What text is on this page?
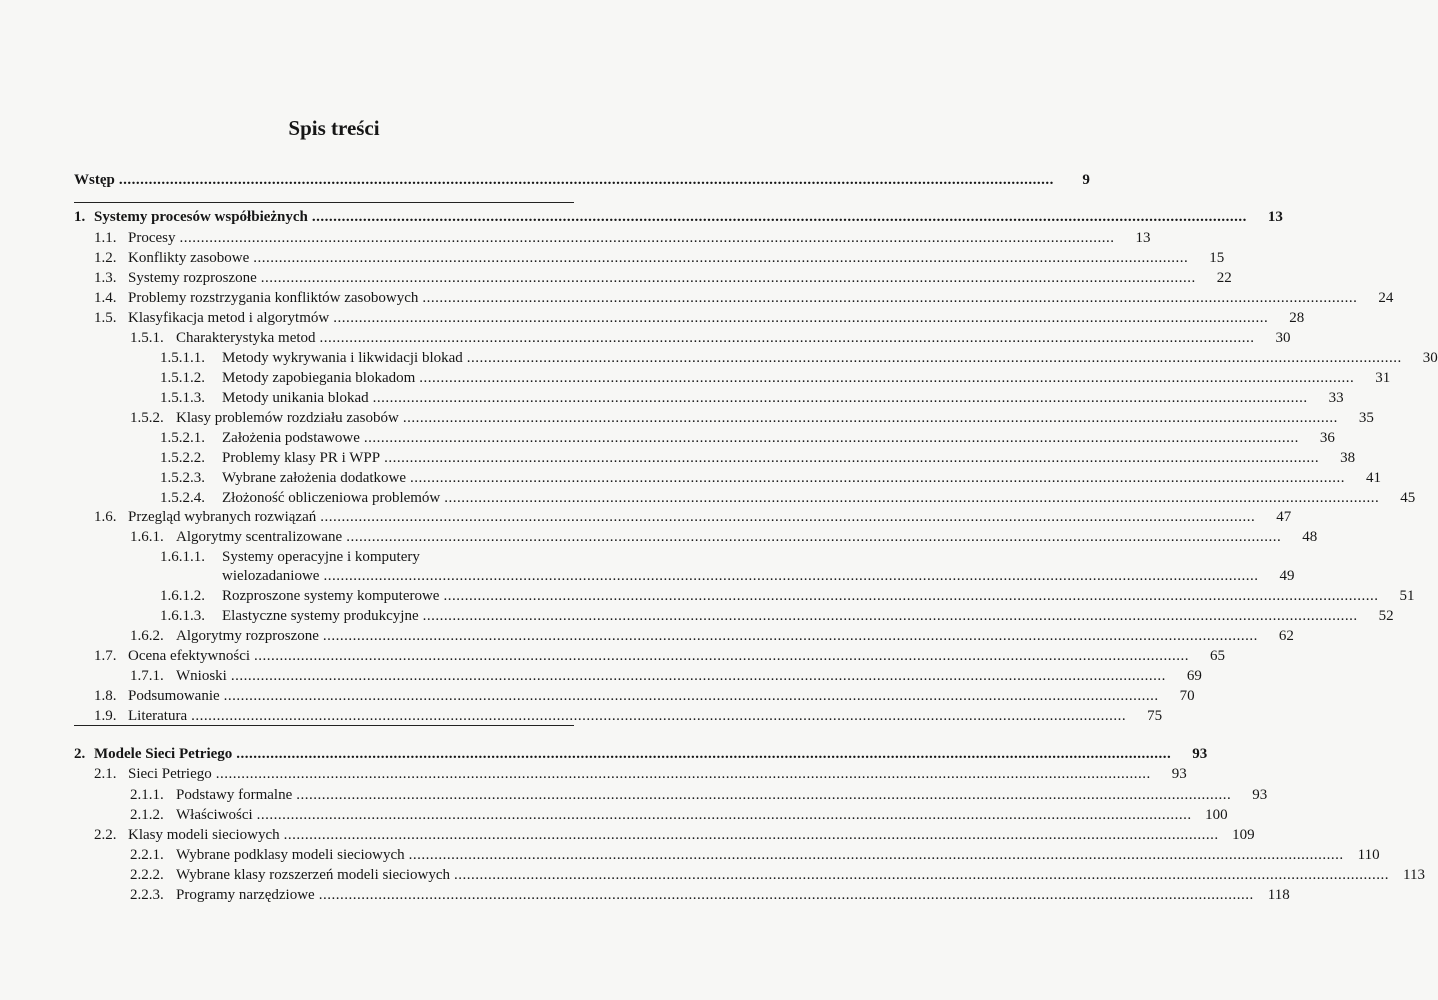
Spis treści
Wstęp ............................................................................................................................................................................................................................	9
1. Systemy procesów współbieżnych ............................................................................................................................................................................................................................	13
1.1. Procesy ............................................................................................................................................................................................................................	13
1.2. Konflikty zasobowe ............................................................................................................................................................................................................................	15
1.3. Systemy rozproszone ............................................................................................................................................................................................................................	22
1.4. Problemy rozstrzygania konfliktów zasobowych ............................................................................................................................................................................................................................	24
1.5. Klasyfikacja metod i algorytmów ............................................................................................................................................................................................................................	28
1.5.1. Charakterystyka metod ............................................................................................................................................................................................................................	30
1.5.1.1.	Metody wykrywania i likwidacji blokad ............................................................................................................................................................................................................................	30
1.5.1.2.	Metody zapobiegania blokadom ............................................................................................................................................................................................................................	31
1.5.1.3.	Metody unikania blokad ............................................................................................................................................................................................................................	33
1.5.2. Klasy problemów rozdziału zasobów ............................................................................................................................................................................................................................	35
1.5.2.1.	Założenia podstawowe ............................................................................................................................................................................................................................	36
1.5.2.2.	Problemy klasy PR i WPP ............................................................................................................................................................................................................................	38
1.5.2.3.	Wybrane założenia dodatkowe ............................................................................................................................................................................................................................	41
1.5.2.4.	Złożoność obliczeniowa problemów ............................................................................................................................................................................................................................	45
1.6. Przegląd wybranych rozwiązań ............................................................................................................................................................................................................................	47
1.6.1. Algorytmy scentralizowane ............................................................................................................................................................................................................................	48
1.6.1.1.	Systemy operacyjne i komputery
wielozadaniowe ............................................................................................................................................................................................................................	49
1.6.1.2.	Rozproszone systemy komputerowe ............................................................................................................................................................................................................................	51
1.6.1.3.	Elastyczne systemy produkcyjne ............................................................................................................................................................................................................................	52
1.6.2. Algorytmy rozproszone ............................................................................................................................................................................................................................	62
1.7. Ocena efektywności ............................................................................................................................................................................................................................	65
1.7.1. Wnioski ............................................................................................................................................................................................................................	69
1.8. Podsumowanie ............................................................................................................................................................................................................................	70
1.9. Literatura ............................................................................................................................................................................................................................	75
2. Modele Sieci Petriego ............................................................................................................................................................................................................................	93
2.1. Sieci Petriego ............................................................................................................................................................................................................................	93
2.1.1. Podstawy formalne ............................................................................................................................................................................................................................	93
2.1.2. Właściwości ............................................................................................................................................................................................................................ 100
2.2. Klasy modeli sieciowych ............................................................................................................................................................................................................................ 109
2.2.1. Wybrane podklasy modeli sieciowych ............................................................................................................................................................................................................................ 110
2.2.2. Wybrane klasy rozszerzeń modeli sieciowych ............................................................................................................................................................................................................................ 113
2.2.3. Programy narzędziowe ............................................................................................................................................................................................................................ 118
